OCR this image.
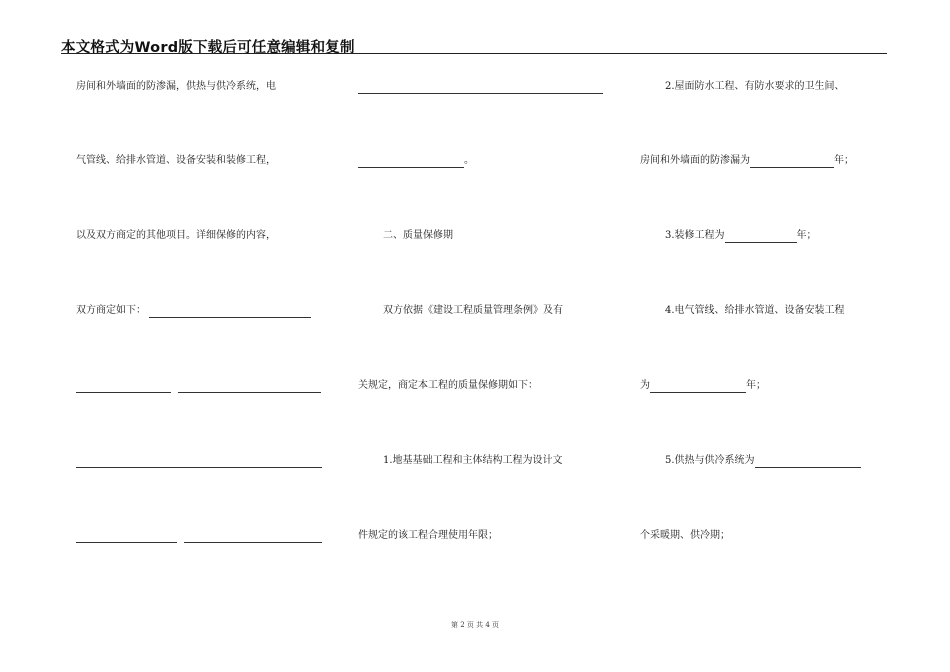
本文格式为Word版下载后可任意编辑和复制
房间和外墙面的防渗漏，供热与供冷系统，电
气管线、给排水管道、设备安装和装修工程，
以及双方商定的其他项目。详细保修的内容，
双方商定如下：

。
二、质量保修期
双方依据《建设工程质量管理条例》及有
关规定，商定本工程的质量保修期如下：
1.地基基础工程和主体结构工程为设计文
件规定的该工程合理使用年限；
2.屋面防水工程、有防水要求的卫生间、
房间和外墙面的防渗漏为	年；
3.装修工程为	年；
4.电气管线、给排水管道、设备安装工程
为	年；
5.供热与供冷系统为
个采暖期、供冷期；
第 2 页 共 4 页
